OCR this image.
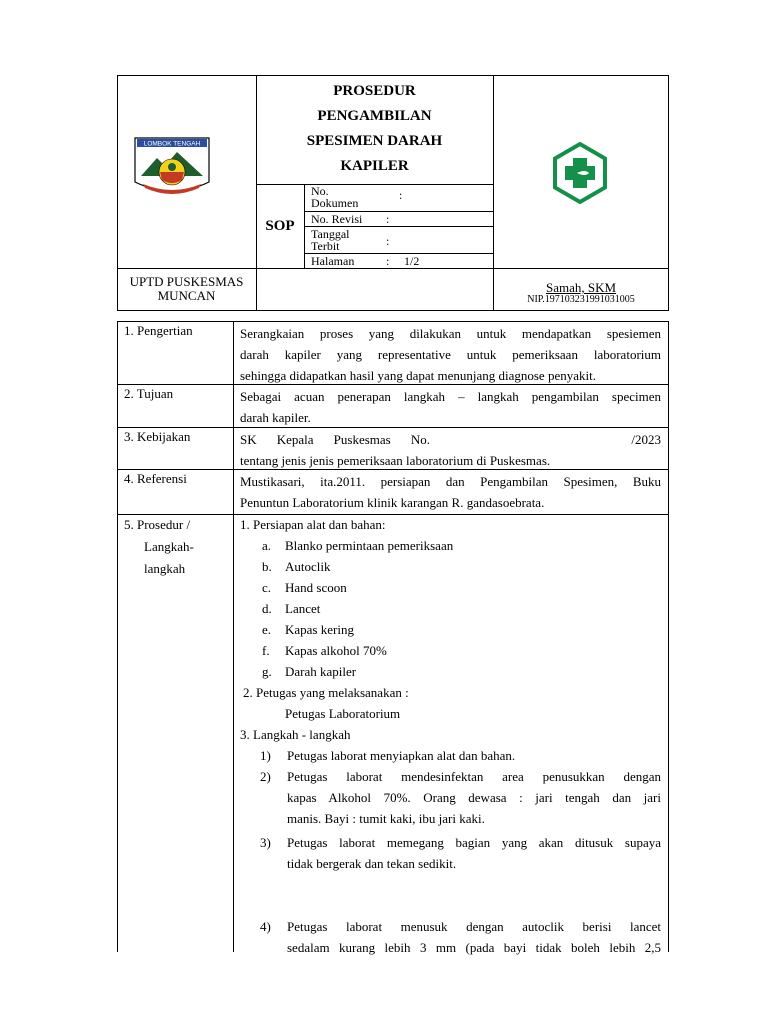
LOMBOK TENGAH
PROSEDUR
PENGAMBILAN
SPESIMEN DARAH
KAPILER
SOP
No. Dokumen
:
No. Revisi :
Tanggal Terbit	:
Halaman	: 1/2
UPTD PUSKESMAS
MUNCAN
Samah, SKM
NIP.197103231991031005
1. Pengertian	Serangkaian proses yang dilakukan untuk mendapatkan spesiemen
darah kapiler yang representative untuk pemeriksaan laboratorium
sehingga didapatkan hasil yang dapat menunjang diagnose penyakit.
2. Tujuan	Sebagai acuan penerapan langkah – langkah pengambilan specimen
darah kapiler.
3. Kebijakan	SK Kepala Puskesmas No.	/2023
tentang jenis jenis pemeriksaan laboratorium di Puskesmas.
4. Referensi	Mustikasari, ita.2011. persiapan dan Pengambilan Spesimen, Buku
Penuntun Laboratorium klinik karangan R. gandasoebrata.
5. Prosedur /
Langkah-
langkah
1. Persiapan alat dan bahan:
a. Blanko permintaan pemeriksaan
b. Autoclik
c. Hand scoon
d. Lancet
e. Kapas kering
f. Kapas alkohol 70%
g. Darah kapiler
2. Petugas yang melaksanakan :
Petugas Laboratorium
3. Langkah - langkah
1)	Petugas laborat menyiapkan alat dan bahan.
2)	Petugas laborat mendesinfektan area penusukkan dengan
kapas Alkohol 70%. Orang dewasa : jari tengah dan jari
manis. Bayi : tumit kaki, ibu jari kaki.
3)	Petugas laborat memegang bagian yang akan ditusuk supaya
tidak bergerak dan tekan sedikit.
4)	Petugas laborat menusuk dengan autoclik berisi lancet
sedalam kurang lebih 3 mm (pada bayi tidak boleh lebih 2,5
